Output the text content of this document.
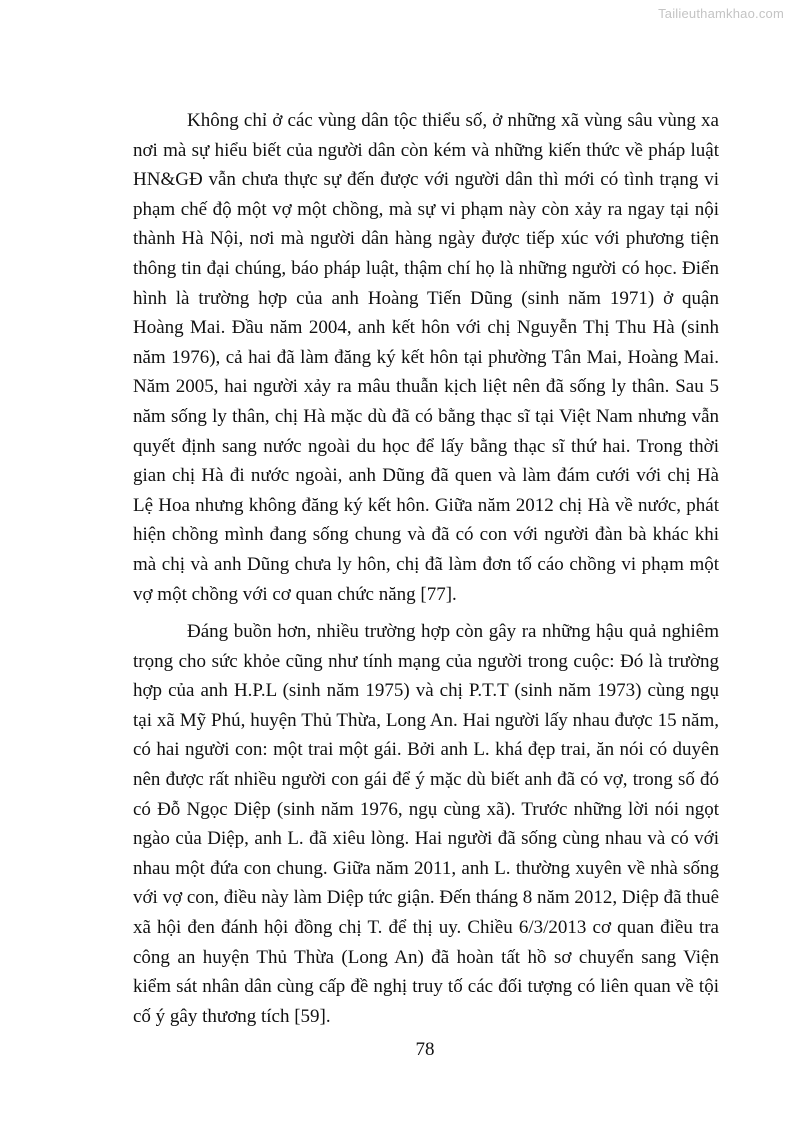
Tailieuthamkhao.com

Không chỉ ở các vùng dân tộc thiểu số, ở những xã vùng sâu vùng xa nơi mà sự hiểu biết của người dân còn kém và những kiến thức về pháp luật HN&GĐ vẫn chưa thực sự đến được với người dân thì mới có tình trạng vi phạm chế độ một vợ một chồng, mà sự vi phạm này còn xảy ra ngay tại nội thành Hà Nội, nơi mà người dân hàng ngày được tiếp xúc với phương tiện thông tin đại chúng, báo pháp luật, thậm chí họ là những người có học. Điển hình là trường hợp của anh Hoàng Tiến Dũng (sinh năm 1971) ở quận Hoàng Mai. Đầu năm 2004, anh kết hôn với chị Nguyễn Thị Thu Hà (sinh năm 1976), cả hai đã làm đăng ký kết hôn tại phường Tân Mai, Hoàng Mai. Năm 2005, hai người xảy ra mâu thuẫn kịch liệt nên đã sống ly thân. Sau 5 năm sống ly thân, chị Hà mặc dù đã có bằng thạc sĩ tại Việt Nam nhưng vẫn quyết định sang nước ngoài du học để lấy bằng thạc sĩ thứ hai. Trong thời gian chị Hà đi nước ngoài, anh Dũng đã quen và làm đám cưới với chị Hà Lệ Hoa nhưng không đăng ký kết hôn. Giữa năm 2012 chị Hà về nước, phát hiện chồng mình đang sống chung và đã có con với người đàn bà khác khi mà chị và anh Dũng chưa ly hôn, chị đã làm đơn tố cáo chồng vi phạm một vợ một chồng với cơ quan chức năng [77].

Đáng buồn hơn, nhiều trường hợp còn gây ra những hậu quả nghiêm trọng cho sức khỏe cũng như tính mạng của người trong cuộc: Đó là trường hợp của anh H.P.L (sinh năm 1975) và chị P.T.T (sinh năm 1973) cùng ngụ tại xã Mỹ Phú, huyện Thủ Thừa, Long An. Hai người lấy nhau được 15 năm, có hai người con: một trai một gái. Bởi anh L. khá đẹp trai, ăn nói có duyên nên được rất nhiều người con gái để ý mặc dù biết anh đã có vợ, trong số đó có Đỗ Ngọc Diệp (sinh năm 1976, ngụ cùng xã). Trước những lời nói ngọt ngào của Diệp, anh L. đã xiêu lòng. Hai người đã sống cùng nhau và có với nhau một đứa con chung. Giữa năm 2011, anh L. thường xuyên về nhà sống với vợ con, điều này làm Diệp tức giận. Đến tháng 8 năm 2012, Diệp đã thuê xã hội đen đánh hội đồng chị T. để thị uy. Chiều 6/3/2013 cơ quan điều tra công an huyện Thủ Thừa (Long An) đã hoàn tất hồ sơ chuyển sang Viện kiểm sát nhân dân cùng cấp đề nghị truy tố các đối tượng có liên quan về tội cố ý gây thương tích [59].

78
